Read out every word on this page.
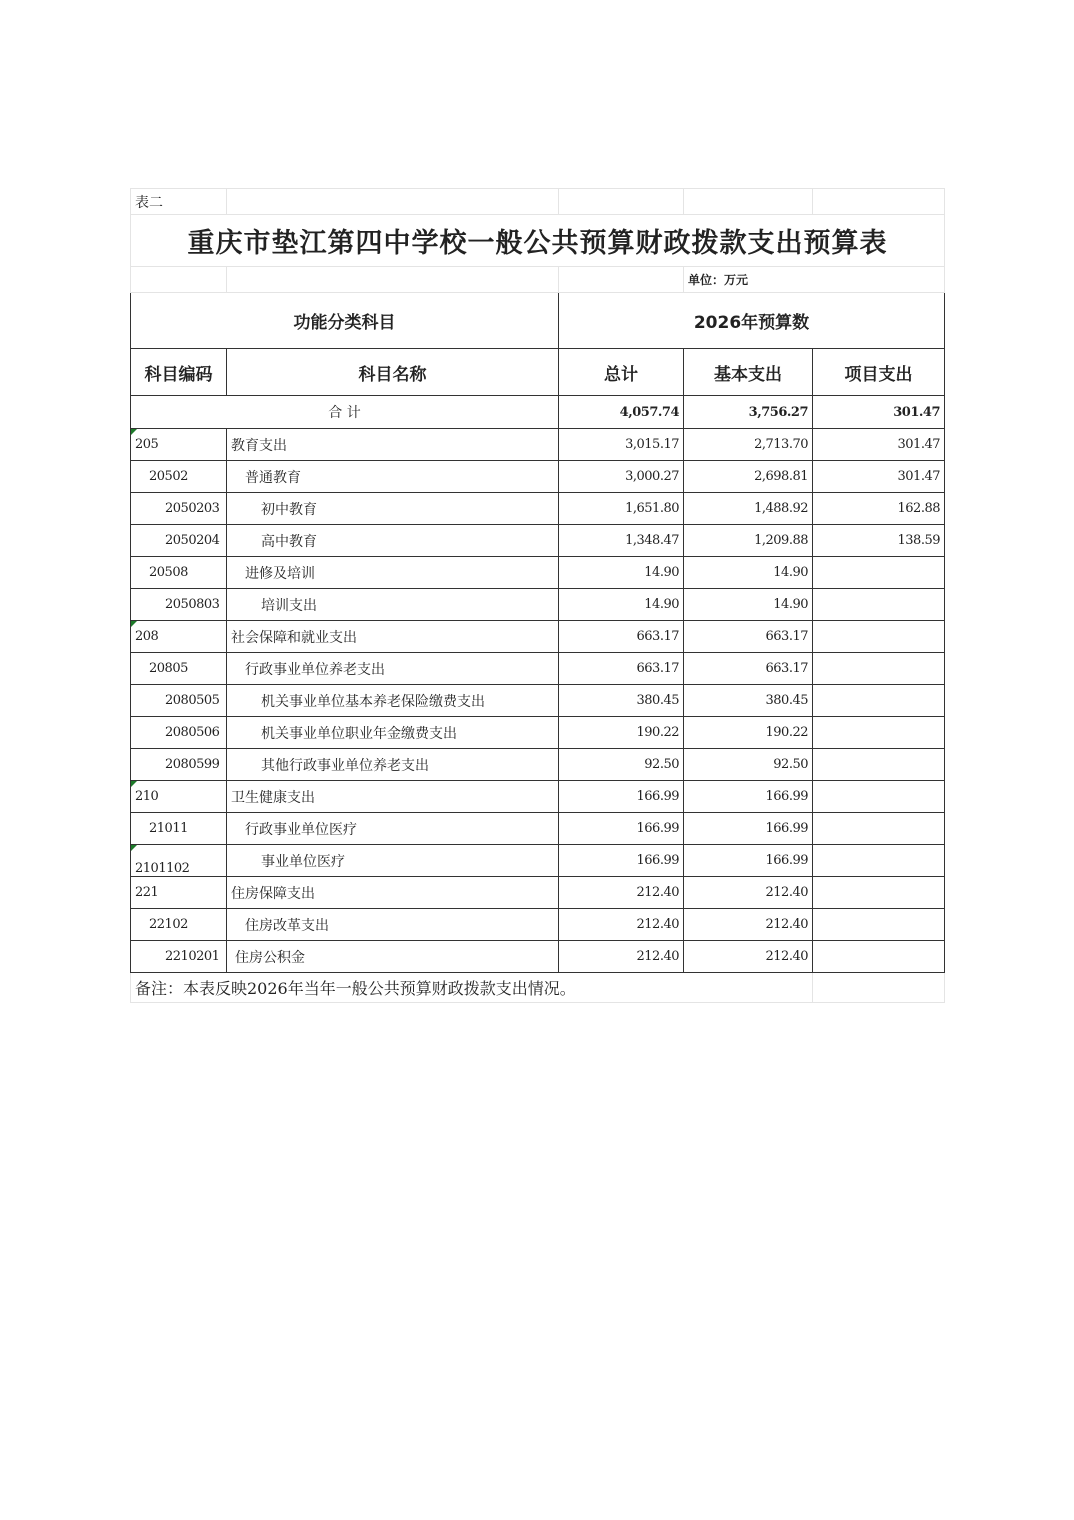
表二				
重庆市垫江第四中学校一般公共预算财政拨款支出预算表				
			单位：万元	
功能分类科目		2026年预算数		
科目编码	科目名称	总计	基本支出	项目支出
合 计		4,057.74	3,756.27	301.47
205	教育支出	3,015.17	2,713.70	301.47
20502	普通教育	3,000.27	2,698.81	301.47
2050203	初中教育	1,651.80	1,488.92	162.88
2050204	高中教育	1,348.47	1,209.88	138.59
20508	进修及培训	14.90	14.90	
2050803	培训支出	14.90	14.90	
208	社会保障和就业支出	663.17	663.17	
20805	行政事业单位养老支出	663.17	663.17	
2080505	机关事业单位基本养老保险缴费支出	380.45	380.45	
2080506	机关事业单位职业年金缴费支出	190.22	190.22	
2080599	其他行政事业单位养老支出	92.50	92.50	
210	卫生健康支出	166.99	166.99	
21011	行政事业单位医疗	166.99	166.99	
2101102	事业单位医疗	166.99	166.99	
221	住房保障支出	212.40	212.40	
22102	住房改革支出	212.40	212.40	
2210201	住房公积金	212.40	212.40	
备注：本表反映2026年当年一般公共预算财政拨款支出情况。				
